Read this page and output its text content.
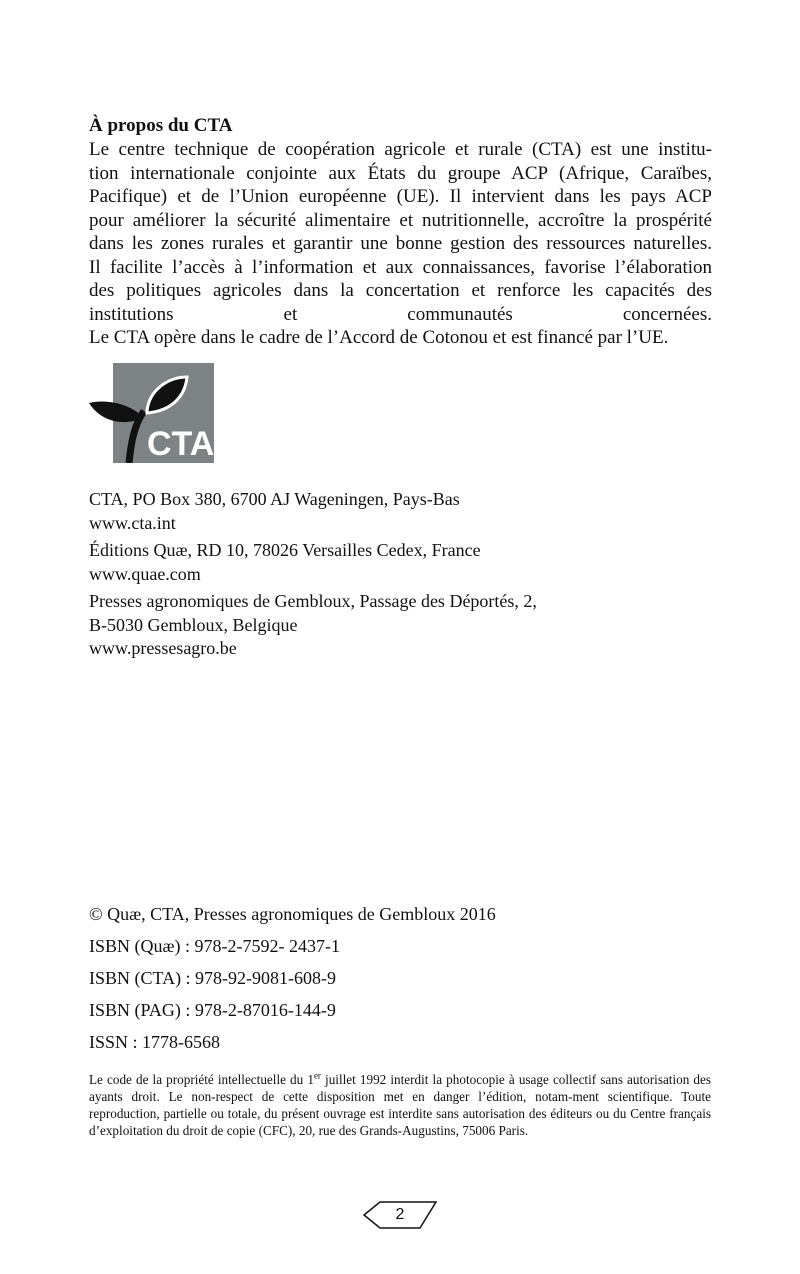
À propos du CTA

Le centre technique de coopération agricole et rurale (CTA) est une institu-
tion internationale conjointe aux États du groupe ACP (Afrique, Caraïbes,
Pacifique) et de l’Union européenne (UE). Il intervient dans les pays ACP
pour améliorer la sécurité alimentaire et nutritionnelle, accroître la prospérité
dans les zones rurales et garantir une bonne gestion des ressources naturelles.
Il facilite l’accès à l’information et aux connaissances, favorise l’élaboration
des politiques agricoles dans la concertation et renforce les capacités des
institutions et communautés concernées.

Le CTA opère dans le cadre de l’Accord de Cotonou et est financé par l’UE.

CTA
CTA, PO Box 380, 6700 AJ Wageningen, Pays-Bas
www.cta.int
Éditions Quæ, RD 10, 78026 Versailles Cedex, France
www.quae.com
Presses agronomiques de Gembloux, Passage des Déportés, 2,
B-5030 Gembloux, Belgique
www.pressesagro.be
© Quæ, CTA, Presses agronomiques de Gembloux 2016
ISBN (Quæ) : 978-2-7592- 2437-1
ISBN (CTA) : 978-92-9081-608-9
ISBN (PAG) : 978-2-87016-144-9
ISSN : 1778-6568

Le code de la propriété intellectuelle du 1er juillet 1992 interdit la photocopie à usage collectif sans autorisation des ayants droit. Le non-respect de cette disposition met en danger l’édition, notam-ment scientifique. Toute reproduction, partielle ou totale, du présent ouvrage est interdite sans autorisation des éditeurs ou du Centre français d’exploitation du droit de copie (CFC), 20, rue des Grands-Augustins, 75006 Paris.

2
